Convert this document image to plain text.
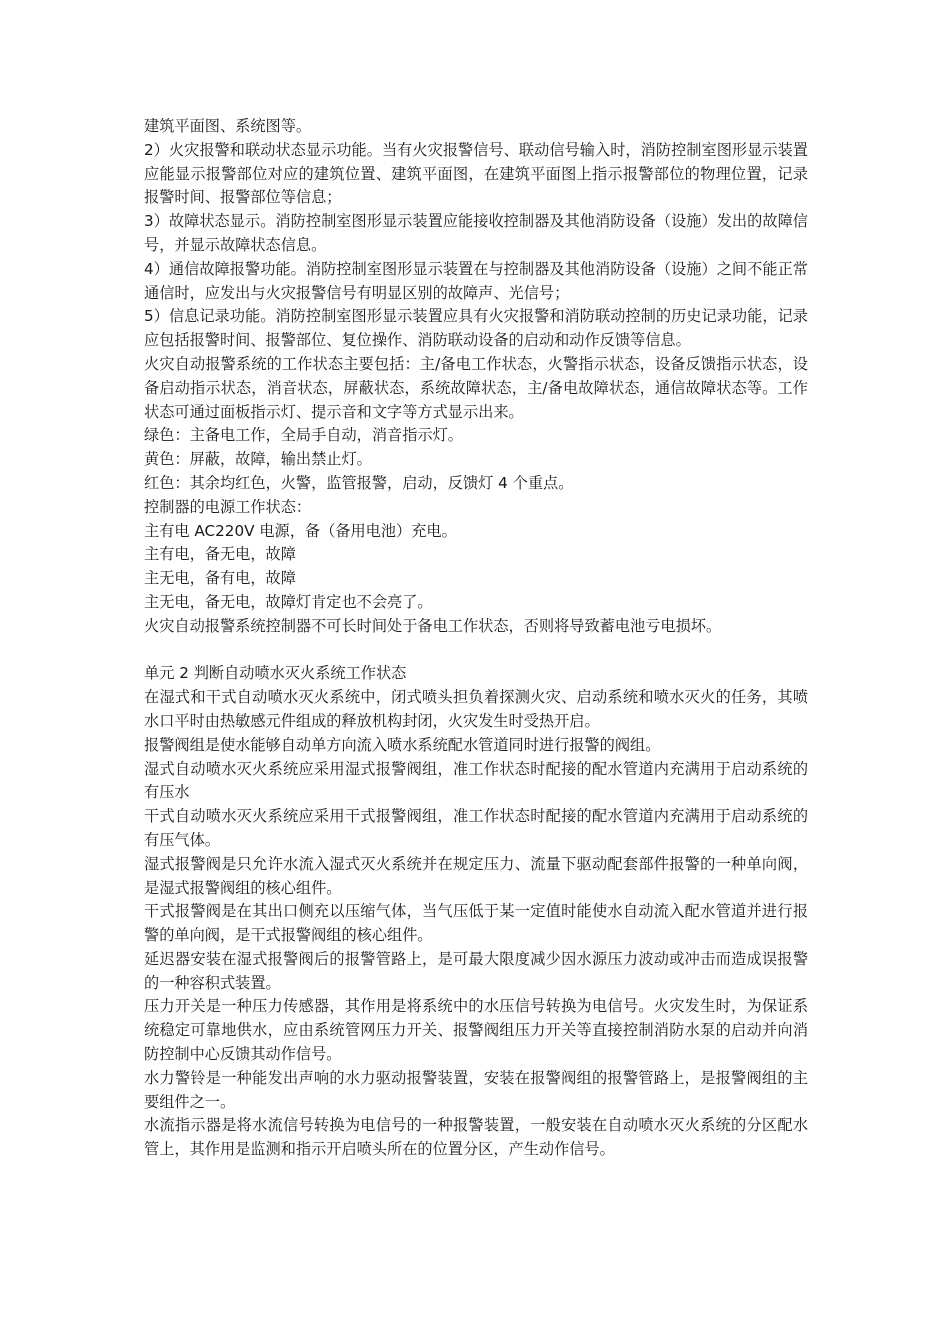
建筑平面图、系统图等。

2）火灾报警和联动状态显示功能。当有火灾报警信号、联动信号输入时，消防控制室图形显示装置应能显示报警部位对应的建筑位置、建筑平面图，在建筑平面图上指示报警部位的物理位置，记录报警时间、报警部位等信息；

3）故障状态显示。消防控制室图形显示装置应能接收控制器及其他消防设备（设施）发出的故障信号，并显示故障状态信息。

4）通信故障报警功能。消防控制室图形显示装置在与控制器及其他消防设备（设施）之间不能正常通信时，应发出与火灾报警信号有明显区别的故障声、光信号；

5）信息记录功能。消防控制室图形显示装置应具有火灾报警和消防联动控制的历史记录功能，记录应包括报警时间、报警部位、复位操作、消防联动设备的启动和动作反馈等信息。

火灾自动报警系统的工作状态主要包括：主/备电工作状态，火警指示状态，设备反馈指示状态，设备启动指示状态，消音状态，屏蔽状态，系统故障状态，主/备电故障状态，通信故障状态等。工作状态可通过面板指示灯、提示音和文字等方式显示出来。

绿色：主备电工作，全局手自动，消音指示灯。

黄色：屏蔽，故障，输出禁止灯。

红色：其余均红色，火警，监管报警，启动，反馈灯 4 个重点。

控制器的电源工作状态：

主有电 AC220V 电源，备（备用电池）充电。

主有电，备无电，故障

主无电，备有电，故障

主无电，备无电，故障灯肯定也不会亮了。

火灾自动报警系统控制器不可长时间处于备电工作状态，否则将导致蓄电池亏电损坏。

单元 2 判断自动喷水灭火系统工作状态

在湿式和干式自动喷水灭火系统中，闭式喷头担负着探测火灾、启动系统和喷水灭火的任务，其喷水口平时由热敏感元件组成的释放机构封闭，火灾发生时受热开启。

报警阀组是使水能够自动单方向流入喷水系统配水管道同时进行报警的阀组。

湿式自动喷水灭火系统应采用湿式报警阀组，准工作状态时配接的配水管道内充满用于启动系统的有压水

干式自动喷水灭火系统应采用干式报警阀组，准工作状态时配接的配水管道内充满用于启动系统的有压气体。

湿式报警阀是只允许水流入湿式灭火系统并在规定压力、流量下驱动配套部件报警的一种单向阀，是湿式报警阀组的核心组件。

干式报警阀是在其出口侧充以压缩气体，当气压低于某一定值时能使水自动流入配水管道并进行报警的单向阀，是干式报警阀组的核心组件。

延迟器安装在湿式报警阀后的报警管路上，是可最大限度减少因水源压力波动或冲击而造成误报警的一种容积式装置。

压力开关是一种压力传感器，其作用是将系统中的水压信号转换为电信号。火灾发生时，为保证系统稳定可靠地供水，应由系统管网压力开关、报警阀组压力开关等直接控制消防水泵的启动并向消防控制中心反馈其动作信号。

水力警铃是一种能发出声响的水力驱动报警装置，安装在报警阀组的报警管路上，是报警阀组的主要组件之一。

水流指示器是将水流信号转换为电信号的一种报警装置，一般安装在自动喷水灭火系统的分区配水管上，其作用是监测和指示开启喷头所在的位置分区，产生动作信号。
